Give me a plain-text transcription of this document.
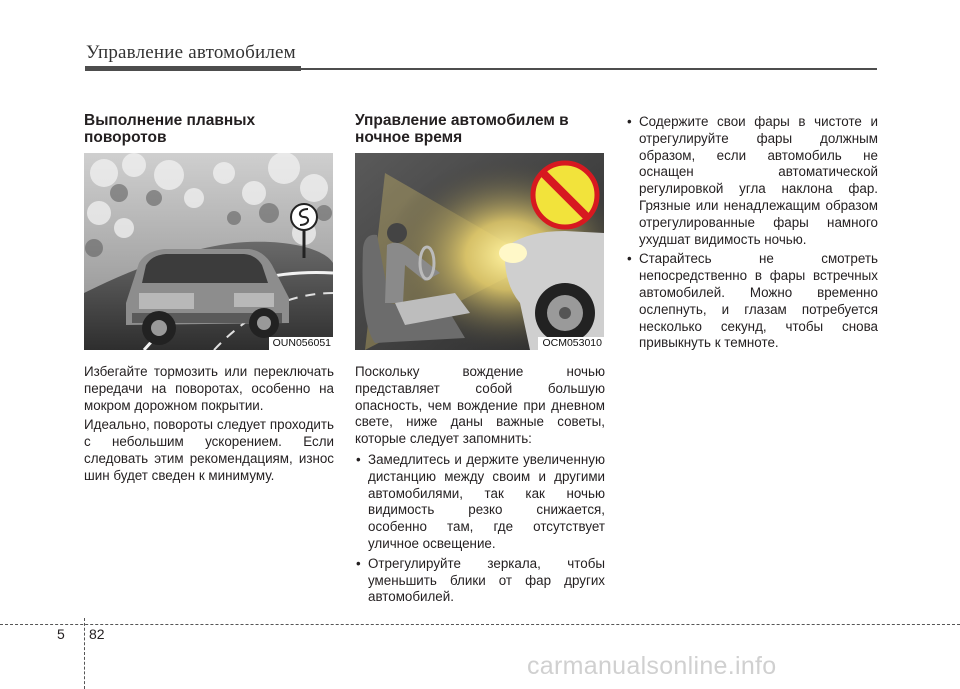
Управление автомобилем
Выполнение плавных поворотов
OUN056051

Избегайте тормозить или переключать передачи на поворотах, особенно на мокром дорожном покрытии.

Идеально, повороты следует проходить с небольшим ускорением. Если следовать этим рекомендациям, износ шин будет сведен к минимуму.

Управление автомобилем в ночное время
OCM053010

Поскольку вождение ночью представляет собой большую опасность, чем вождение при дневном свете, ниже даны важные советы, которые следует запомнить:

• Замедлитесь и держите увеличенную дистанцию между своим и другими автомобилями, так как ночью видимость резко снижается, особенно там, где отсутствует уличное освещение.
• Отрегулируйте зеркала, чтобы уменьшить блики от фар других автомобилей.
• Содержите свои фары в чистоте и отрегулируйте фары должным образом, если автомобиль не оснащен автоматической регулировкой угла наклона фар. Грязные или ненадлежащим образом отрегулированные фары намного ухудшат видимость ночью.
• Старайтесь не смотреть непосредственно в фары встречных автомобилей. Можно временно ослепнуть, и глазам потребуется несколько секунд, чтобы снова привыкнуть к темноте.
5 82
carmanualsonline.info
